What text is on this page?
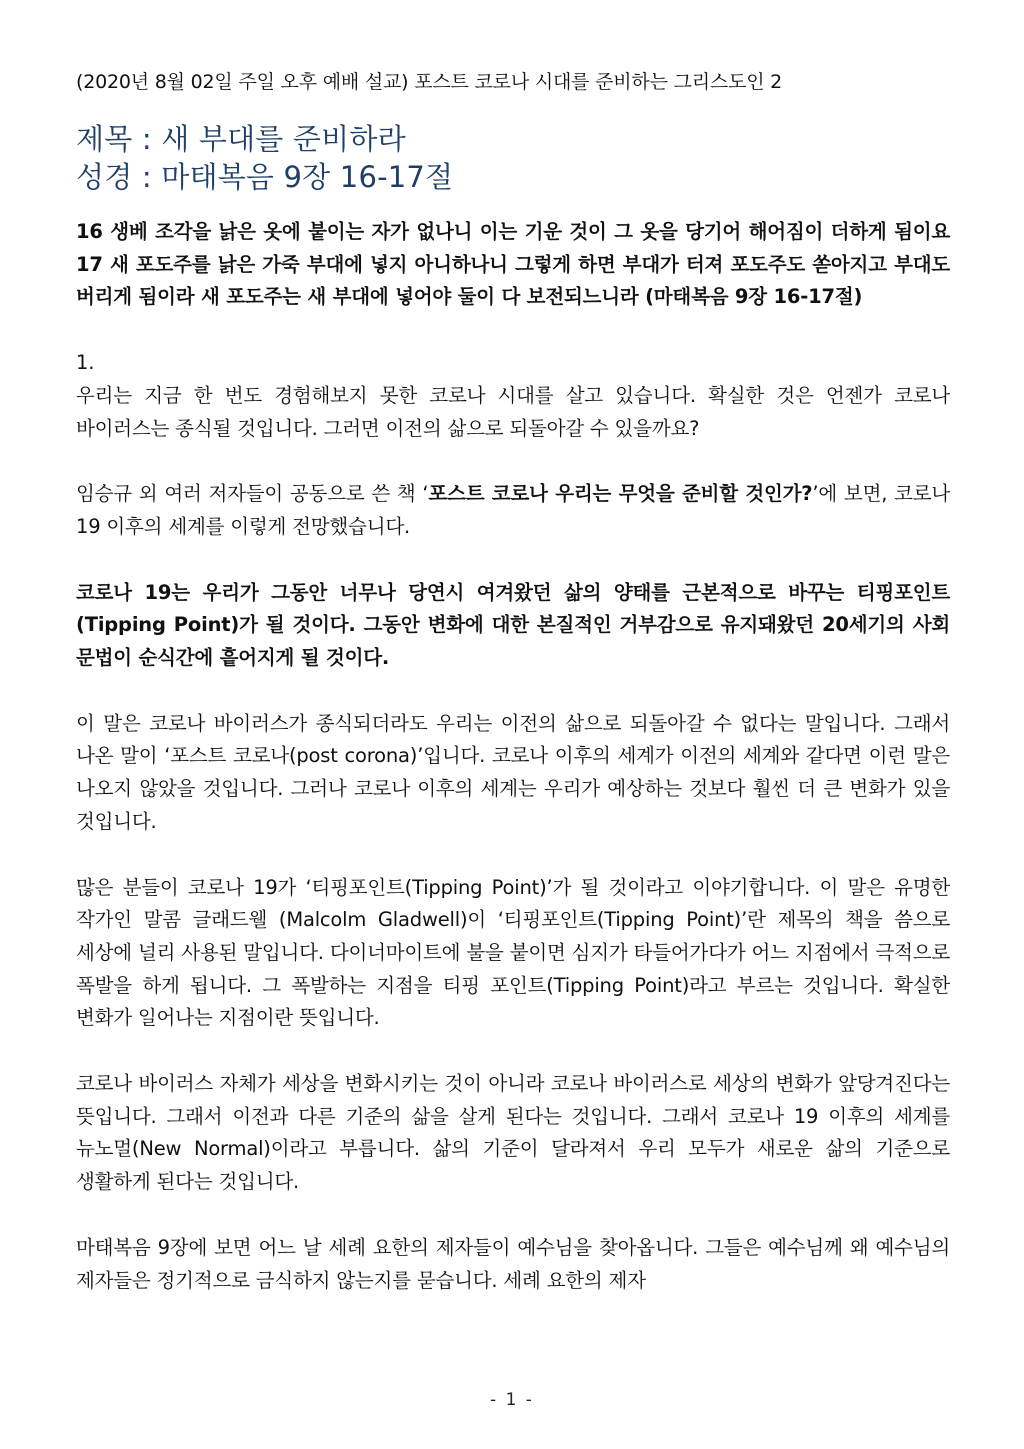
(2020년 8월 02일 주일 오후 예배 설교) 포스트 코로나 시대를 준비하는 그리스도인 2
제목 : 새 부대를 준비하라
성경 : 마태복음 9장 16-17절

16 생베 조각을 낡은 옷에 붙이는 자가 없나니 이는 기운 것이 그 옷을 당기어 해어짐이 더하게 됨이요 17 새 포도주를 낡은 가죽 부대에 넣지 아니하나니 그렇게 하면 부대가 터져 포도주도 쏟아지고 부대도 버리게 됨이라 새 포도주는 새 부대에 넣어야 둘이 다 보전되느니라 (마태복음 9장 16-17절)

1.

우리는 지금 한 번도 경험해보지 못한 코로나 시대를 살고 있습니다. 확실한 것은 언젠가 코로나 바이러스는 종식될 것입니다. 그러면 이전의 삶으로 되돌아갈 수 있을까요?

임승규 외 여러 저자들이 공동으로 쓴 책 ‘포스트 코로나 우리는 무엇을 준비할 것인가?’에 보면, 코로나 19 이후의 세계를 이렇게 전망했습니다.

코로나 19는 우리가 그동안 너무나 당연시 여겨왔던 삶의 양태를 근본적으로 바꾸는 티핑포인트(Tipping Point)가 될 것이다. 그동안 변화에 대한 본질적인 거부감으로 유지돼왔던 20세기의 사회 문법이 순식간에 흩어지게 될 것이다.

이 말은 코로나 바이러스가 종식되더라도 우리는 이전의 삶으로 되돌아갈 수 없다는 말입니다. 그래서 나온 말이 ‘포스트 코로나(post corona)’입니다. 코로나 이후의 세계가 이전의 세계와 같다면 이런 말은 나오지 않았을 것입니다. 그러나 코로나 이후의 세계는 우리가 예상하는 것보다 훨씬 더 큰 변화가 있을 것입니다.

많은 분들이 코로나 19가 ‘티핑포인트(Tipping Point)’가 될 것이라고 이야기합니다. 이 말은 유명한 작가인 말콤 글래드웰 (Malcolm Gladwell)이 ‘티핑포인트(Tipping Point)’란 제목의 책을 씀으로 세상에 널리 사용된 말입니다. 다이너마이트에 불을 붙이면 심지가 타들어가다가 어느 지점에서 극적으로 폭발을 하게 됩니다. 그 폭발하는 지점을 티핑 포인트(Tipping Point)라고 부르는 것입니다. 확실한 변화가 일어나는 지점이란 뜻입니다.

코로나 바이러스 자체가 세상을 변화시키는 것이 아니라 코로나 바이러스로 세상의 변화가 앞당겨진다는 뜻입니다. 그래서 이전과 다른 기준의 삶을 살게 된다는 것입니다. 그래서 코로나 19 이후의 세계를 뉴노멀(New Normal)이라고 부릅니다. 삶의 기준이 달라져서 우리 모두가 새로운 삶의 기준으로 생활하게 된다는 것입니다.

마태복음 9장에 보면 어느 날 세례 요한의 제자들이 예수님을 찾아옵니다. 그들은 예수님께 왜 예수님의 제자들은 정기적으로 금식하지 않는지를 묻습니다. 세례 요한의 제자

- 1 -
